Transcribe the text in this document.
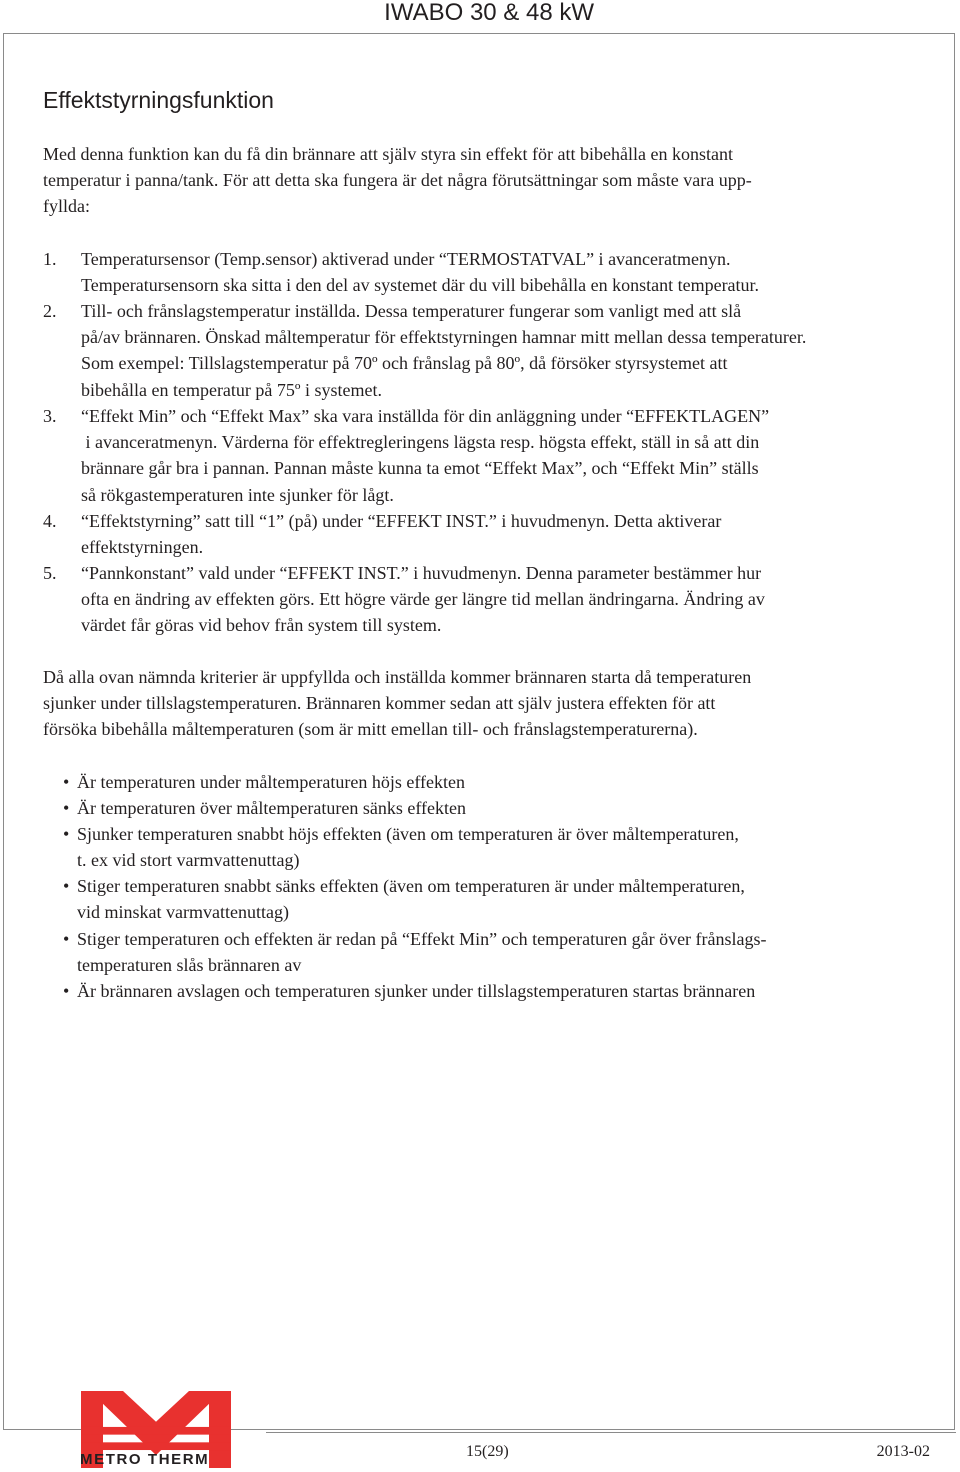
IWABO 30 & 48 kW
Effektstyrningsfunktion

Med denna funktion kan du få din brännare att själv styra sin effekt för att bibehålla en konstant
temperatur i panna/tank. För att detta ska fungera är det några förutsättningar som måste vara upp-
fyllda:

1. Temperatursensor (Temp.sensor) aktiverad under “TERMOSTATVAL” i avanceratmenyn.
Temperatursensorn ska sitta i den del av systemet där du vill bibehålla en konstant temperatur.

2. Till- och frånslagstemperatur inställda. Dessa temperaturer fungerar som vanligt med att slå
på/av brännaren. Önskad måltemperatur för effektstyrningen hamnar mitt mellan dessa temperaturer.
Som exempel: Tillslagstemperatur på 70º och frånslag på 80º, då försöker styrsystemet att
bibehålla en temperatur på 75º i systemet.

3. “Effekt Min” och “Effekt Max” ska vara inställda för din anläggning under “EFFEKTLAGEN”
i avanceratmenyn. Värderna för effektregleringens lägsta resp. högsta effekt, ställ in så att din
brännare går bra i pannan. Pannan måste kunna ta emot “Effekt Max”, och “Effekt Min” ställs
så rökgastemperaturen inte sjunker för lågt.

4. “Effektstyrning” satt till “1” (på) under “EFFEKT INST.” i huvudmenyn. Detta aktiverar
effektstyrningen.

5. “Pannkonstant” vald under “EFFEKT INST.” i huvudmenyn. Denna parameter bestämmer hur
ofta en ändring av effekten görs. Ett högre värde ger längre tid mellan ändringarna. Ändring av
värdet får göras vid behov från system till system.

Då alla ovan nämnda kriterier är uppfyllda och inställda kommer brännaren starta då temperaturen
sjunker under tillslagstemperaturen. Brännaren kommer sedan att själv justera effekten för att
försöka bibehålla måltemperaturen (som är mitt emellan till- och frånslagstemperaturerna).

• Är temperaturen under måltemperaturen höjs effekten

• Är temperaturen över måltemperaturen sänks effekten

• Sjunker temperaturen snabbt höjs effekten (även om temperaturen är över måltemperaturen,
t. ex vid stort varmvattenuttag)

• Stiger temperaturen snabbt sänks effekten (även om temperaturen är under måltemperaturen,
vid minskat varmvattenuttag)

• Stiger temperaturen och effekten är redan på “Effekt Min” och temperaturen går över frånslags-
temperaturen slås brännaren av

• Är brännaren avslagen och temperaturen sjunker under tillslagstemperaturen startas brännaren

METRO THERM	15(29)	2013-02
